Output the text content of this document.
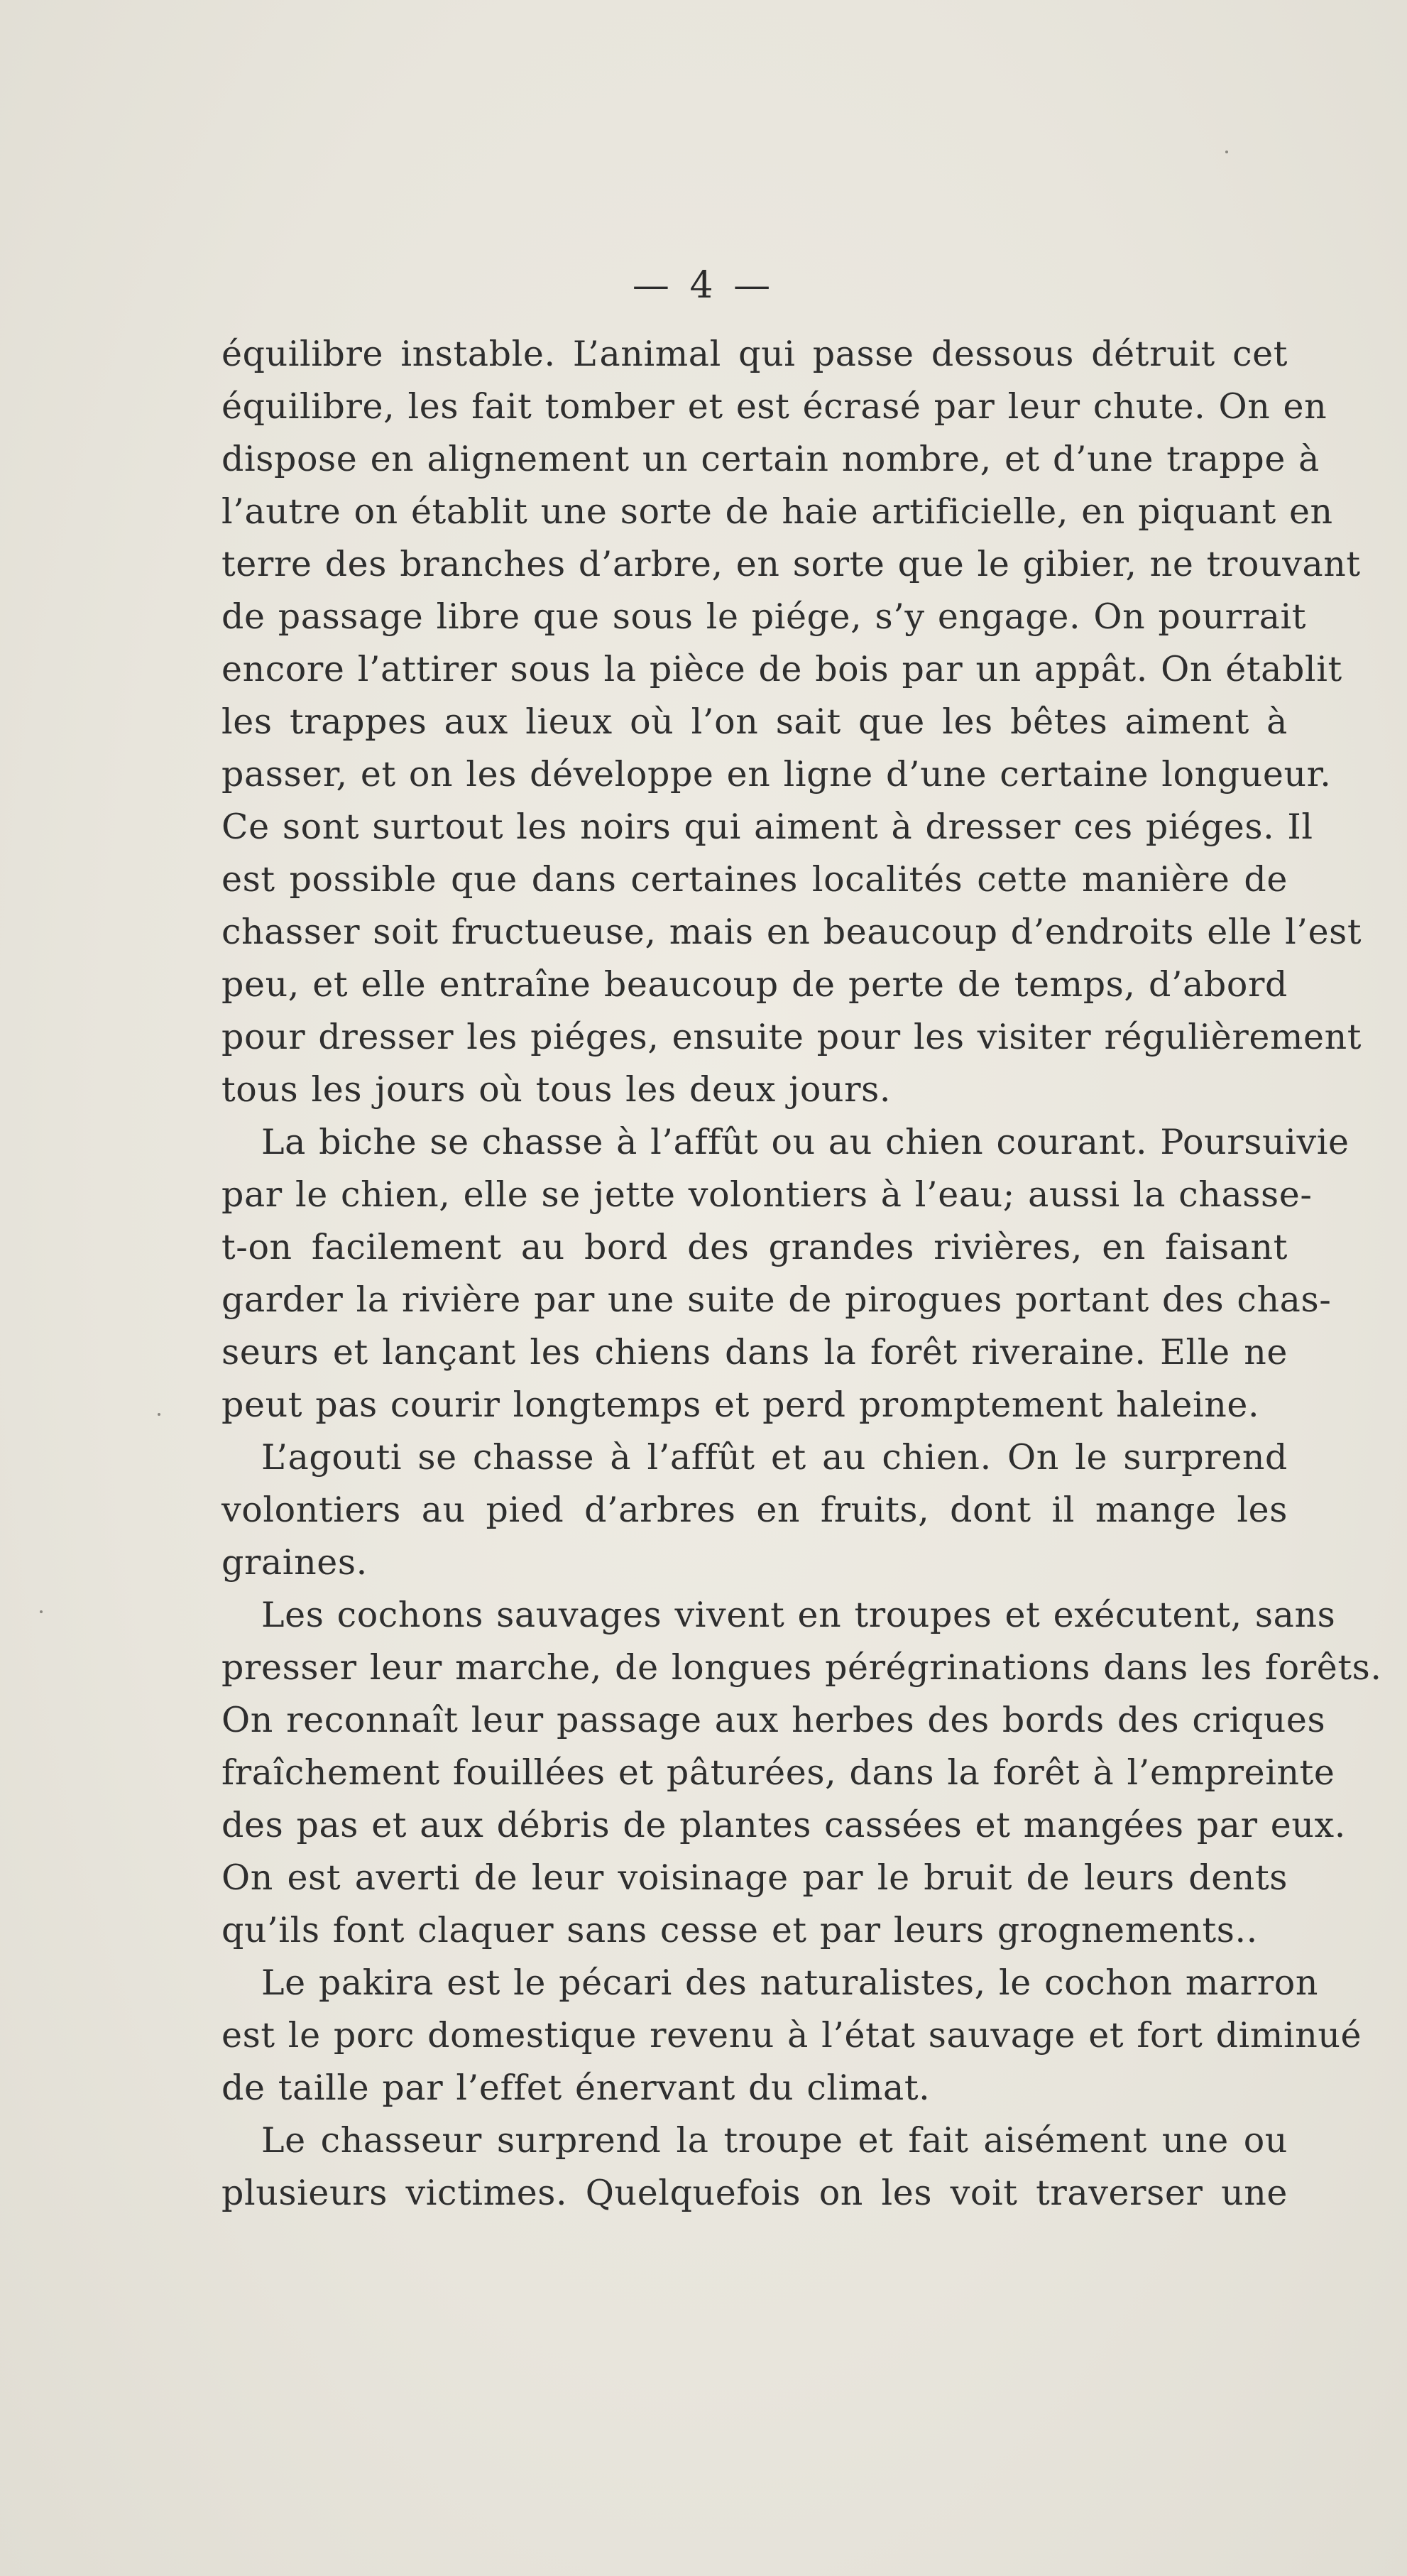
— 4 —
équilibre instable. L’animal qui passe dessous détruit cet
équilibre, les fait tomber et est écrasé par leur chute. On en
dispose en alignement un certain nombre, et d’une trappe à
l’autre on établit une sorte de haie artificielle, en piquant en
terre des branches d’arbre, en sorte que le gibier, ne trouvant
de passage libre que sous le piége, s’y engage. On pourrait
encore l’attirer sous la pièce de bois par un appât. On établit
les trappes aux lieux où l’on sait que les bêtes aiment à
passer, et on les développe en ligne d’une certaine longueur.
Ce sont surtout les noirs qui aiment à dresser ces piéges. Il
est possible que dans certaines localités cette manière de
chasser soit fructueuse, mais en beaucoup d’endroits elle l’est
peu, et elle entraîne beaucoup de perte de temps, d’abord
pour dresser les piéges, ensuite pour les visiter régulièrement
tous les jours où tous les deux jours.
La biche se chasse à l’affût ou au chien courant. Poursuivie
par le chien, elle se jette volontiers à l’eau; aussi la chasse-
t-on facilement au bord des grandes rivières, en faisant
garder la rivière par une suite de pirogues portant des chas-
seurs et lançant les chiens dans la forêt riveraine. Elle ne
peut pas courir longtemps et perd promptement haleine.
L’agouti se chasse à l’affût et au chien. On le surprend
volontiers au pied d’arbres en fruits, dont il mange les
graines.
Les cochons sauvages vivent en troupes et exécutent, sans
presser leur marche, de longues pérégrinations dans les forêts.
On reconnaît leur passage aux herbes des bords des criques
fraîchement fouillées et pâturées, dans la forêt à l’empreinte
des pas et aux débris de plantes cassées et mangées par eux.
On est averti de leur voisinage par le bruit de leurs dents
qu’ils font claquer sans cesse et par leurs grognements..
Le pakira est le pécari des naturalistes, le cochon marron
est le porc domestique revenu à l’état sauvage et fort diminué
de taille par l’effet énervant du climat.
Le chasseur surprend la troupe et fait aisément une ou
plusieurs victimes. Quelquefois on les voit traverser une
